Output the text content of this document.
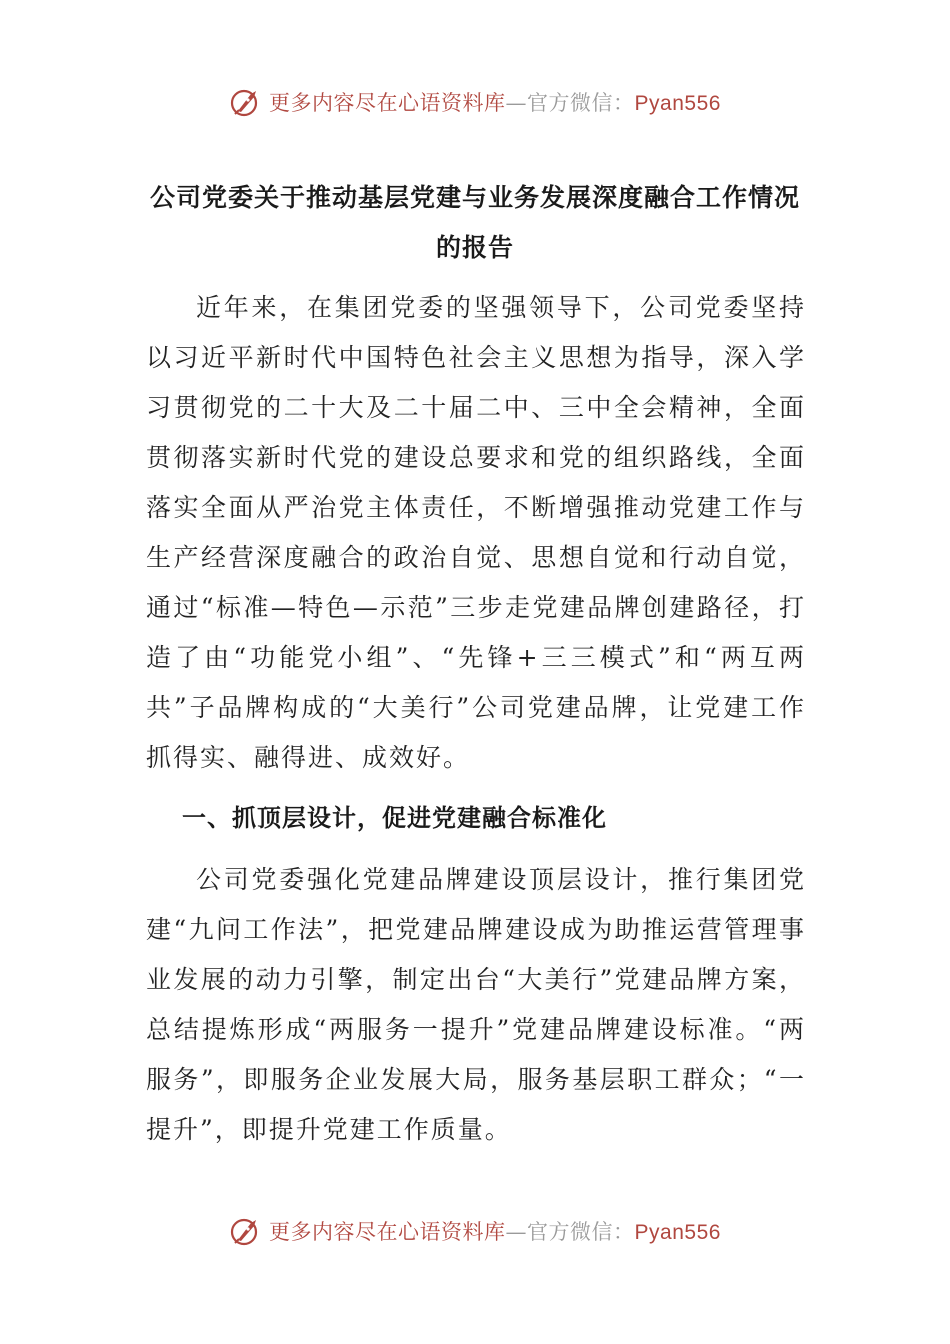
更多内容尽在心语资料库—官方微信：Pyan556
公司党委关于推动基层党建与业务发展深度融合工作情况
的报告

近年来，在集团党委的坚强领导下，公司党委坚持以习近平新时代中国特色社会主义思想为指导，深入学习贯彻党的二十大及二十届二中、三中全会精神，全面贯彻落实新时代党的建设总要求和党的组织路线，全面落实全面从严治党主体责任，不断增强推动党建工作与生产经营深度融合的政治自觉、思想自觉和行动自觉，通过“标准—特色—示范”三步走党建品牌创建路径，打造了由“功能党小组”、“先锋+三三模式”和“两互两共”子品牌构成的“大美行”公司党建品牌，让党建工作抓得实、融得进、成效好。

一、抓顶层设计，促进党建融合标准化

公司党委强化党建品牌建设顶层设计，推行集团党建“九问工作法”，把党建品牌建设成为助推运营管理事业发展的动力引擎，制定出台“大美行”党建品牌方案，总结提炼形成“两服务一提升”党建品牌建设标准。“两服务”，即服务企业发展大局，服务基层职工群众；“一提升”，即提升党建工作质量。

更多内容尽在心语资料库—官方微信：Pyan556
